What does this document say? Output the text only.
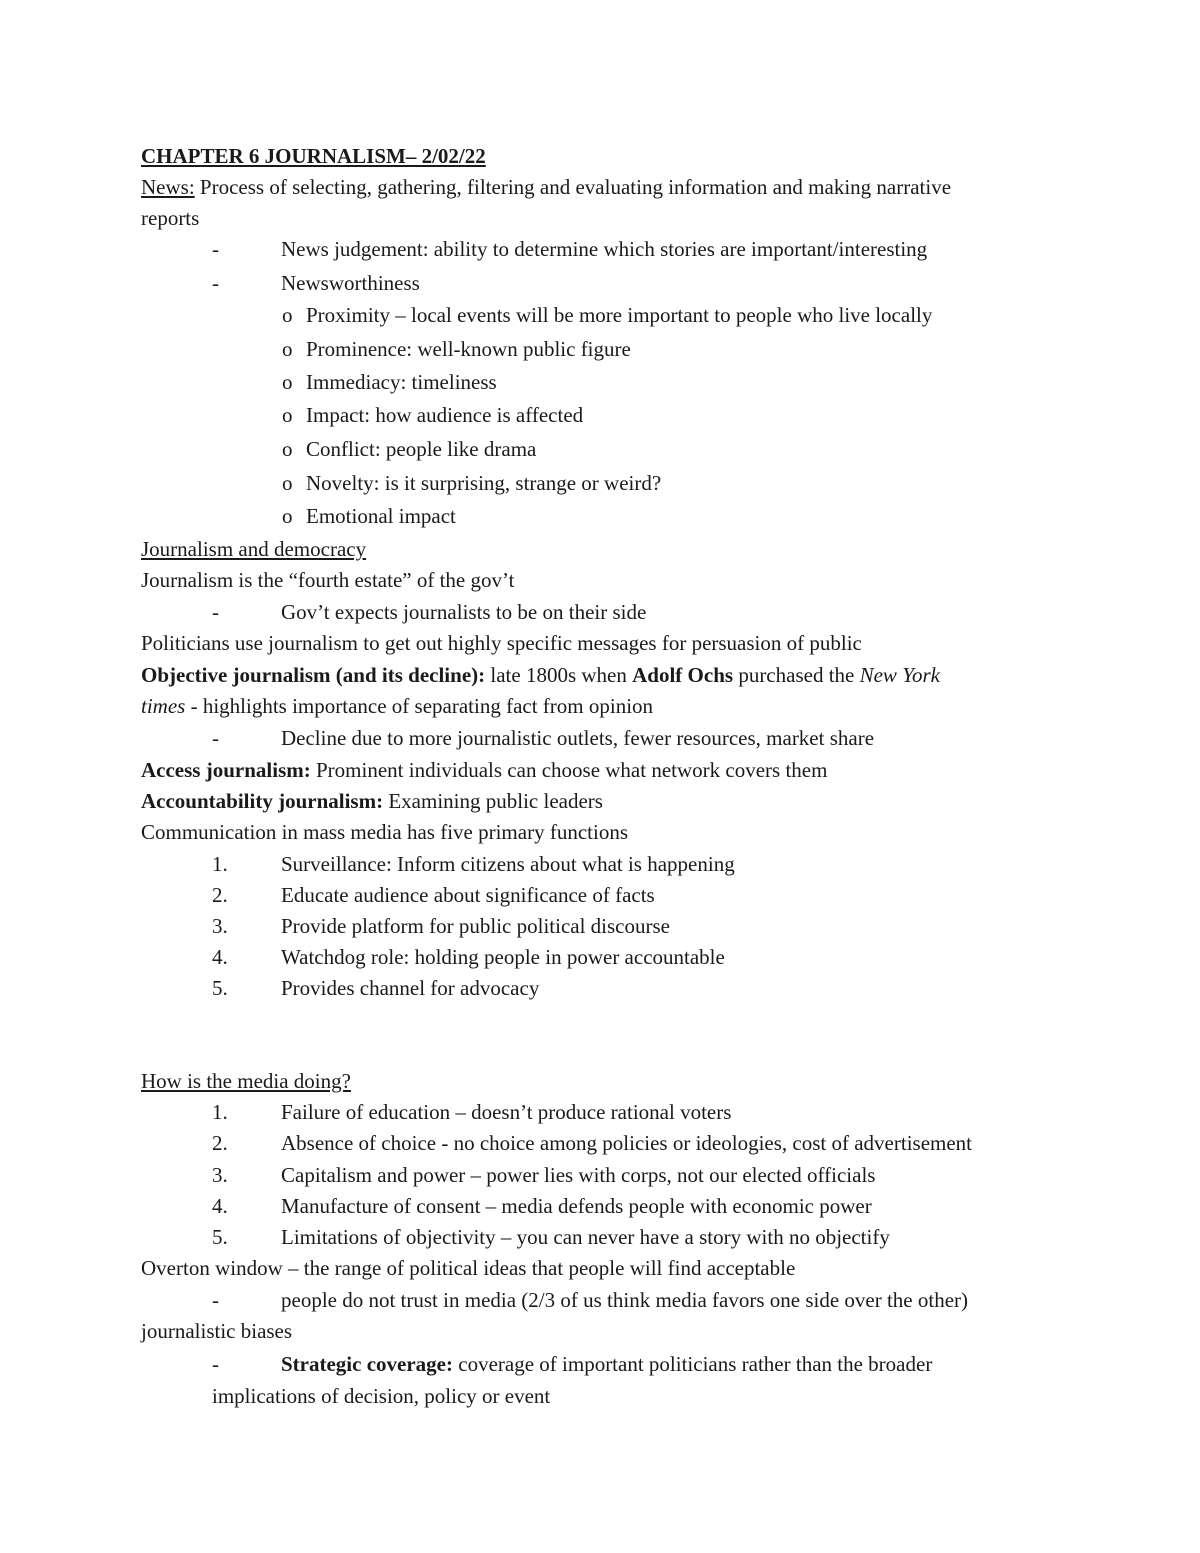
CHAPTER 6 JOURNALISM– 2/02/22
News: Process of selecting, gathering, filtering and evaluating information and making narrative
reports
-	News judgement: ability to determine which stories are important/interesting
-	Newsworthiness
o Proximity – local events will be more important to people who live locally
o Prominence: well-known public figure
o Immediacy: timeliness
o Impact: how audience is affected
o Conflict: people like drama
o Novelty: is it surprising, strange or weird?
o Emotional impact
Journalism and democracy
Journalism is the “fourth estate” of the gov’t
-	Gov’t expects journalists to be on their side
Politicians use journalism to get out highly specific messages for persuasion of public
Objective journalism (and its decline): late 1800s when Adolf Ochs purchased the New York
times - highlights importance of separating fact from opinion
-	Decline due to more journalistic outlets, fewer resources, market share
Access journalism: Prominent individuals can choose what network covers them
Accountability journalism: Examining public leaders
Communication in mass media has five primary functions
1.	Surveillance: Inform citizens about what is happening
2.	Educate audience about significance of facts
3.	Provide platform for public political discourse
4.	Watchdog role: holding people in power accountable
5.	Provides channel for advocacy
How is the media doing?
1.	Failure of education – doesn’t produce rational voters
2.	Absence of choice - no choice among policies or ideologies, cost of advertisement
3.	Capitalism and power – power lies with corps, not our elected officials
4.	Manufacture of consent – media defends people with economic power
5.	Limitations of objectivity – you can never have a story with no objectify
Overton window – the range of political ideas that people will find acceptable
-	people do not trust in media (2/3 of us think media favors one side over the other)
journalistic biases
-	Strategic coverage: coverage of important politicians rather than the broader
implications of decision, policy or event
